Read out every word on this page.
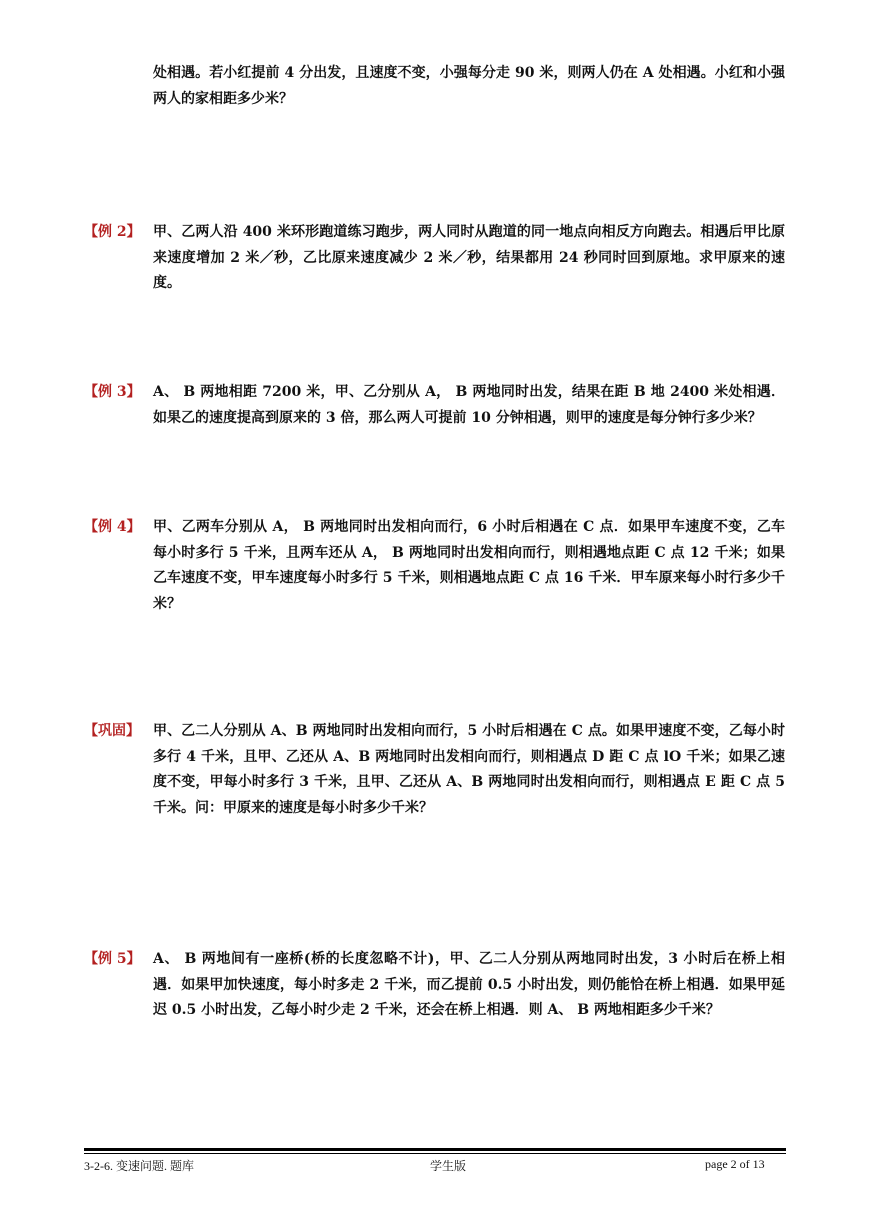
处相遇。若小红提前 4 分出发，且速度不变，小强每分走 90 米，则两人仍在 A 处相遇。小红和小强两人的家相距多少米？
【例 2】 甲、乙两人沿 400 米环形跑道练习跑步，两人同时从跑道的同一地点向相反方向跑去。相遇后甲比原来速度增加 2 米／秒，乙比原来速度减少 2 米／秒，结果都用 24 秒同时回到原地。求甲原来的速度。
【例 3】 A、 B 两地相距 7200 米，甲、乙分别从 A， B 两地同时出发，结果在距 B 地 2400 米处相遇．如果乙的速度提高到原来的 3 倍，那么两人可提前 10 分钟相遇，则甲的速度是每分钟行多少米？
【例 4】 甲、乙两车分别从 A， B 两地同时出发相向而行，6 小时后相遇在 C 点．如果甲车速度不变，乙车每小时多行 5 千米，且两车还从 A， B 两地同时出发相向而行，则相遇地点距 C 点 12 千米；如果乙车速度不变，甲车速度每小时多行 5 千米，则相遇地点距 C 点 16 千米．甲车原来每小时行多少千米？
【巩固】 甲、乙二人分别从 A、B 两地同时出发相向而行，5 小时后相遇在 C 点。如果甲速度不变，乙每小时多行 4 千米，且甲、乙还从 A、B 两地同时出发相向而行，则相遇点 D 距 C 点 lO 千米；如果乙速度不变，甲每小时多行 3 千米，且甲、乙还从 A、B 两地同时出发相向而行，则相遇点 E 距 C 点 5 千米。问：甲原来的速度是每小时多少千米？
【例 5】 A、 B 两地间有一座桥(桥的长度忽略不计)，甲、乙二人分别从两地同时出发，3 小时后在桥上相遇．如果甲加快速度，每小时多走 2 千米，而乙提前 0.5 小时出发，则仍能恰在桥上相遇．如果甲延迟 0.5 小时出发，乙每小时少走 2 千米，还会在桥上相遇．则 A、 B 两地相距多少千米？
3-2-6. 变速问题. 题库	学生版	page 2 of 13
